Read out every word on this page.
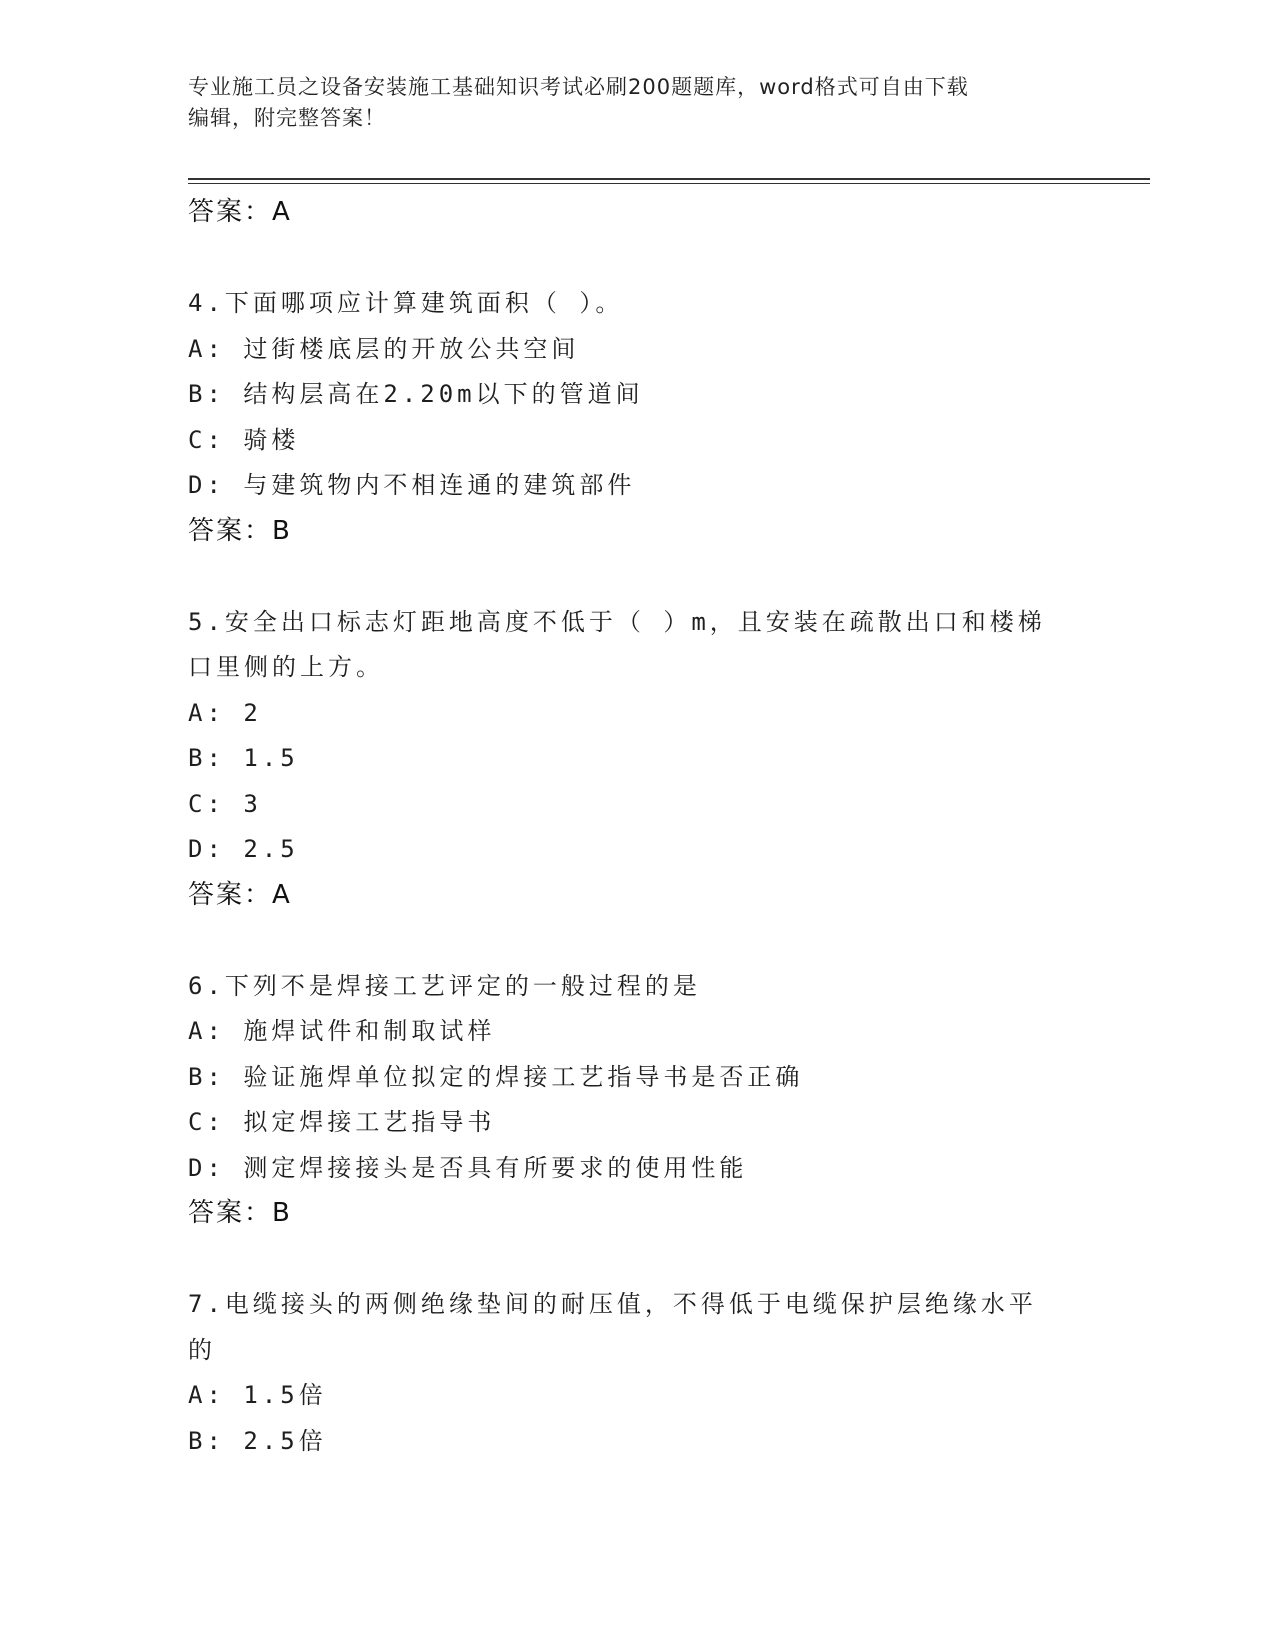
专业施工员之设备安装施工基础知识考试必刷200题题库，word格式可自由下载
编辑，附完整答案！
答案：A
4.下面哪项应计算建筑面积（ ）。
A: 过街楼底层的开放公共空间
B: 结构层高在2.20m以下的管道间
C: 骑楼
D: 与建筑物内不相连通的建筑部件
答案：B
5.安全出口标志灯距地高度不低于（ ）m，且安装在疏散出口和楼梯
口里侧的上方。
A: 2
B: 1.5
C: 3
D: 2.5
答案：A
6.下列不是焊接工艺评定的一般过程的是
A: 施焊试件和制取试样
B: 验证施焊单位拟定的焊接工艺指导书是否正确
C: 拟定焊接工艺指导书
D: 测定焊接接头是否具有所要求的使用性能
答案：B
7.电缆接头的两侧绝缘垫间的耐压值，不得低于电缆保护层绝缘水平
的
A: 1.5倍
B: 2.5倍
